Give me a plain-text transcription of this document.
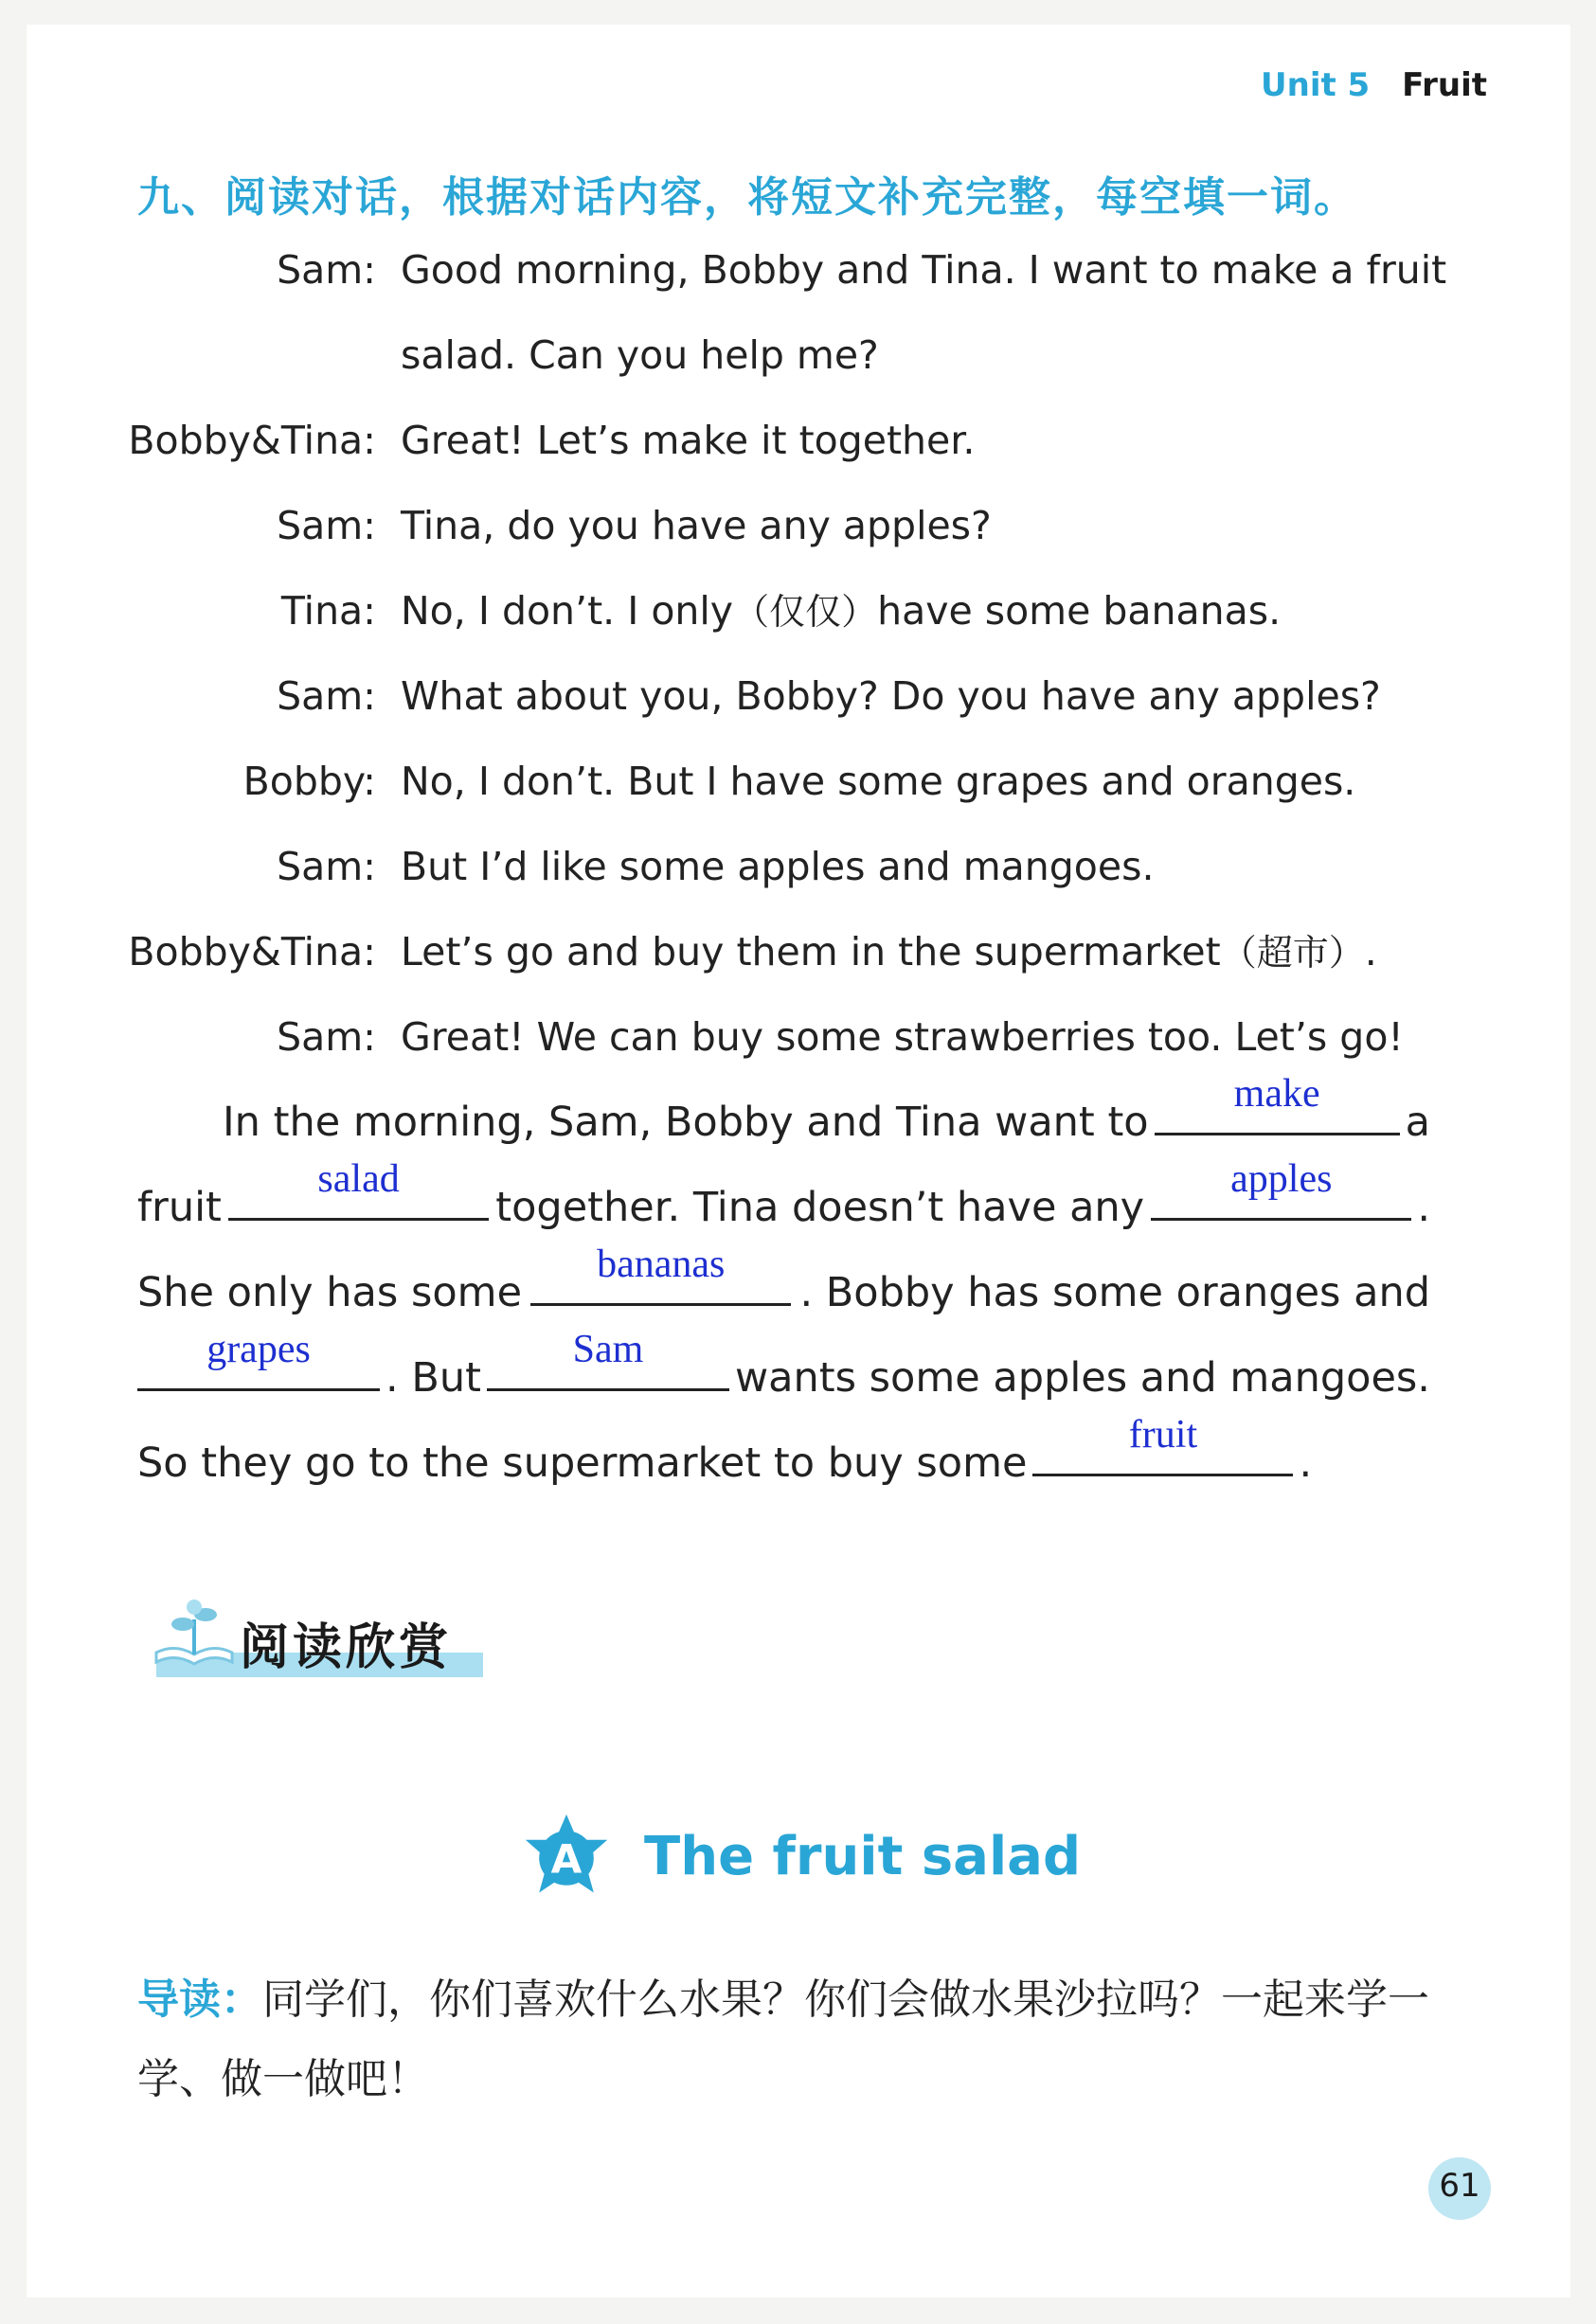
Unit 5 Fruit
九、阅读对话，根据对话内容，将短文补充完整，每空填一词。
Sam: Good morning, Bobby and Tina. I want to make a fruit
salad. Can you help me?
Bobby&Tina: Great! Let’s make it together.
Sam: Tina, do you have any apples?
Tina: No, I don’t. I only（仅仅）have some bananas.
Sam: What about you, Bobby? Do you have any apples?
Bobby: No, I don’t. But I have some grapes and oranges.
Sam: But I’d like some apples and mangoes.
Bobby&Tina: Let’s go and buy them in the supermarket（超市）.
Sam: Great! We can buy some strawberries too. Let’s go!
In the morning, Sam, Bobby and Tina want to
make
a
fruit
salad
together. Tina doesn’t have any
apples
.
She only has some
bananas
. Bobby has some oranges and
grapes
. But
Sam
wants some apples and mangoes.
So they go to the supermarket to buy some
fruit
.
阅读欣赏
A The fruit salad
导读：同学们，你们喜欢什么水果？你们会做水果沙拉吗？一起来学一学、做一做吧！
61
